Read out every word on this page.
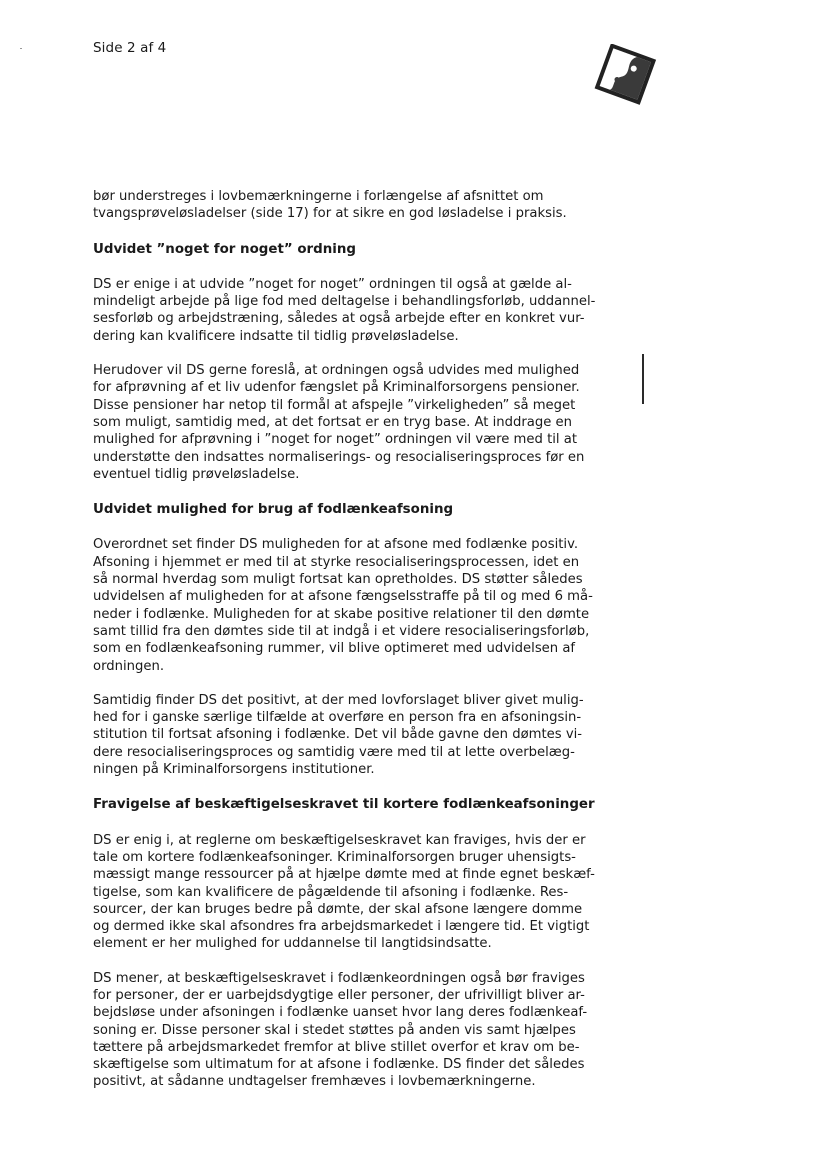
Side 2 af 4

bør understreges i lovbemærkningerne i forlængelse af afsnittet om
tvangsprøveløsladelser (side 17) for at sikre en god løsladelse i praksis.

Udvidet ”noget for noget” ordning

DS er enige i at udvide ”noget for noget” ordningen til også at gælde al-
mindeligt arbejde på lige fod med deltagelse i behandlingsforløb, uddannel-
sesforløb og arbejdstræning, således at også arbejde efter en konkret vur-
dering kan kvalificere indsatte til tidlig prøveløsladelse.

Herudover vil DS gerne foreslå, at ordningen også udvides med mulighed
for afprøvning af et liv udenfor fængslet på Kriminalforsorgens pensioner.
Disse pensioner har netop til formål at afspejle ”virkeligheden” så meget
som muligt, samtidig med, at det fortsat er en tryg base. At inddrage en
mulighed for afprøvning i ”noget for noget” ordningen vil være med til at
understøtte den indsattes normaliserings- og resocialiseringsproces før en
eventuel tidlig prøveløsladelse.

Udvidet mulighed for brug af fodlænkeafsoning

Overordnet set finder DS muligheden for at afsone med fodlænke positiv.
Afsoning i hjemmet er med til at styrke resocialiseringsprocessen, idet en
så normal hverdag som muligt fortsat kan opretholdes. DS støtter således
udvidelsen af muligheden for at afsone fængselsstraffe på til og med 6 må-
neder i fodlænke. Muligheden for at skabe positive relationer til den dømte
samt tillid fra den dømtes side til at indgå i et videre resocialiseringsforløb,
som en fodlænkeafsoning rummer, vil blive optimeret med udvidelsen af
ordningen.

Samtidig finder DS det positivt, at der med lovforslaget bliver givet mulig-
hed for i ganske særlige tilfælde at overføre en person fra en afsoningsin-
stitution til fortsat afsoning i fodlænke. Det vil både gavne den dømtes vi-
dere resocialiseringsproces og samtidig være med til at lette overbelæg-
ningen på Kriminalforsorgens institutioner.

Fravigelse af beskæftigelseskravet til kortere fodlænkeafsoninger

DS er enig i, at reglerne om beskæftigelseskravet kan fraviges, hvis der er
tale om kortere fodlænkeafsoninger. Kriminalforsorgen bruger uhensigts-
mæssigt mange ressourcer på at hjælpe dømte med at finde egnet beskæf-
tigelse, som kan kvalificere de pågældende til afsoning i fodlænke. Res-
sourcer, der kan bruges bedre på dømte, der skal afsone længere domme
og dermed ikke skal afsondres fra arbejdsmarkedet i længere tid. Et vigtigt
element er her mulighed for uddannelse til langtidsindsatte.

DS mener, at beskæftigelseskravet i fodlænkeordningen også bør fraviges
for personer, der er uarbejdsdygtige eller personer, der ufrivilligt bliver ar-
bejdsløse under afsoningen i fodlænke uanset hvor lang deres fodlænkeaf-
soning er. Disse personer skal i stedet støttes på anden vis samt hjælpes
tættere på arbejdsmarkedet fremfor at blive stillet overfor et krav om be-
skæftigelse som ultimatum for at afsone i fodlænke. DS finder det således
positivt, at sådanne undtagelser fremhæves i lovbemærkningerne.
